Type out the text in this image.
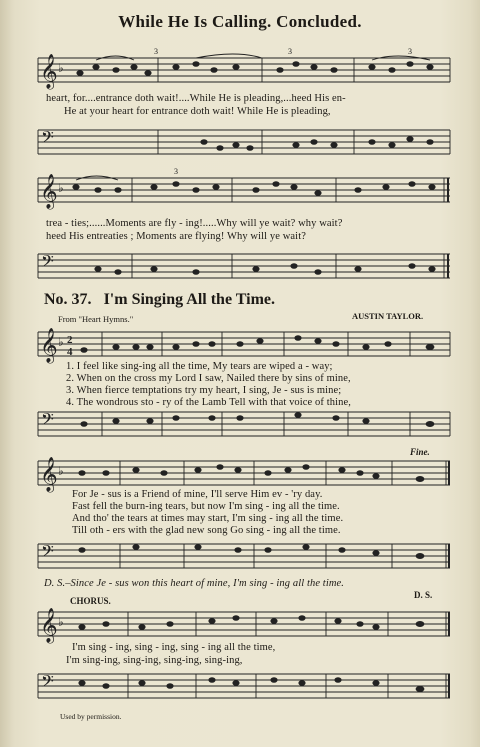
While He Is Calling. Concluded.
𝄞 ♭
3	3	3
heart, for....entrance doth wait!....While He is pleading,...heed His en-
He at your heart for entrance doth wait! While He is pleading,
𝄢
𝄞 ♭
3
trea - ties;......Moments are fly - ing!.....Why will ye wait? why wait?
heed His entreaties ; Moments are flying! Why will ye wait?
𝄢
No. 37. I'm Singing All the Time.
From "Heart Hymns."	AUSTIN TAYLOR.
𝄞 ♭ 2
4
1. I feel like sing-ing all the time, My tears are wiped a - way;
2. When on the cross my Lord I saw, Nailed there by sins of mine,
3. When fierce temptations try my heart, I sing, Je - sus is mine;
4. The wondrous sto - ry of the Lamb Tell with that voice of thine,
𝄢
Fine.
𝄞 ♭
For Je - sus is a Friend of mine, I'll serve Him ev - 'ry day.
Fast fell the burn-ing tears, but now I'm sing - ing all the time.
And tho' the tears at times may start, I'm sing - ing all the time.
Till oth - ers with the glad new song Go sing - ing all the time.
𝄢
D. S.–Since Je - sus won this heart of mine, I'm sing - ing all the time.
CHORUS.
D. S.
𝄞 ♭
I'm sing - ing, sing - ing, sing - ing all the time,
I'm sing-ing, sing-ing, sing-ing, sing-ing,
𝄢
Used by permission.
